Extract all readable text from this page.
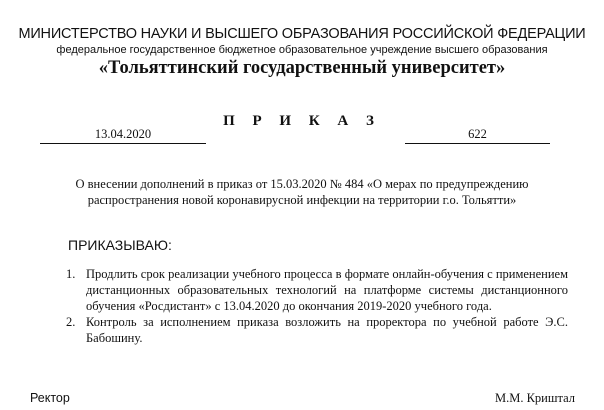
МИНИСТЕРСТВО НАУКИ И ВЫСШЕГО ОБРАЗОВАНИЯ РОССИЙСКОЙ ФЕДЕРАЦИИ
федеральное государственное бюджетное образовательное учреждение высшего образования
«Тольяттинский государственный университет»
П Р И К А З
13.04.2020	622
О внесении дополнений в приказ от 15.03.2020 № 484 «О мерах по предупреждению
распространения новой коронавирусной инфекции на территории г.о. Тольятти»
ПРИКАЗЫВАЮ:
1. Продлить срок реализации учебного процесса в формате онлайн-обучения с применением дистанционных образовательных технологий на платформе системы дистанционного обучения «Росдистант» с 13.04.2020 до окончания 2019-2020 учебного года.
2. Контроль за исполнением приказа возложить на проректора по учебной работе Э.С. Бабошину.
Ректор	М.М. Криштал
